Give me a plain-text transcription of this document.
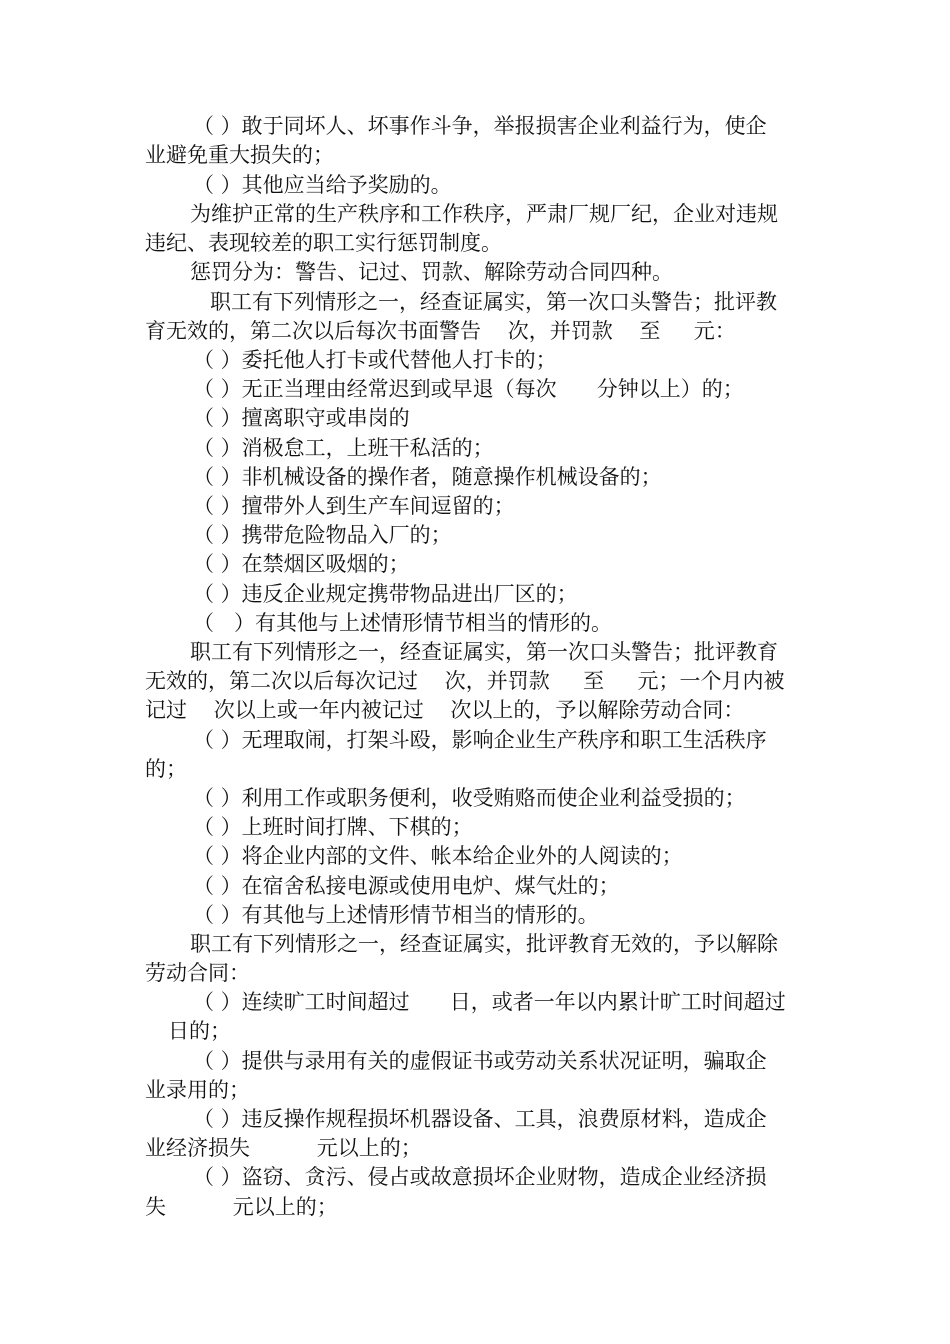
（ ）敢于同坏人、坏事作斗争，举报损害企业利益行为，使企
业避免重大损失的；
（ ）其他应当给予奖励的。
为维护正常的生产秩序和工作秩序，严肃厂规厂纪，企业对违规
违纪、表现较差的职工实行惩罚制度。
惩罚分为：警告、记过、罚款、解除劳动合同四种。
职工有下列情形之一，经查证属实，第一次口头警告；批评教
育无效的，第二次以后每次书面警告    次，并罚款    至     元：
（ ）委托他人打卡或代替他人打卡的；
（ ）无正当理由经常迟到或早退（每次      分钟以上）的；
（ ）擅离职守或串岗的
（ ）消极怠工，上班干私活的；
（ ）非机械设备的操作者，随意操作机械设备的；
（ ）擅带外人到生产车间逗留的；
（ ）携带危险物品入厂的；
（ ）在禁烟区吸烟的；
（ ）违反企业规定携带物品进出厂区的；
（   ）有其他与上述情形情节相当的情形的。
职工有下列情形之一，经查证属实，第一次口头警告；批评教育
无效的，第二次以后每次记过    次，并罚款     至     元；一个月内被
记过    次以上或一年内被记过    次以上的，予以解除劳动合同：
（ ）无理取闹，打架斗殴，影响企业生产秩序和职工生活秩序
的；
（ ）利用工作或职务便利，收受贿赂而使企业利益受损的；
（ ）上班时间打牌、下棋的；
（ ）将企业内部的文件、帐本给企业外的人阅读的；
（ ）在宿舍私接电源或使用电炉、煤气灶的；
（ ）有其他与上述情形情节相当的情形的。
职工有下列情形之一，经查证属实，批评教育无效的，予以解除
劳动合同：
（ ）连续旷工时间超过      日，或者一年以内累计旷工时间超过
日的；
（ ）提供与录用有关的虚假证书或劳动关系状况证明，骗取企
业录用的；
（ ）违反操作规程损坏机器设备、工具，浪费原材料，造成企
业经济损失          元以上的；
（ ）盗窃、贪污、侵占或故意损坏企业财物，造成企业经济损
失          元以上的；
